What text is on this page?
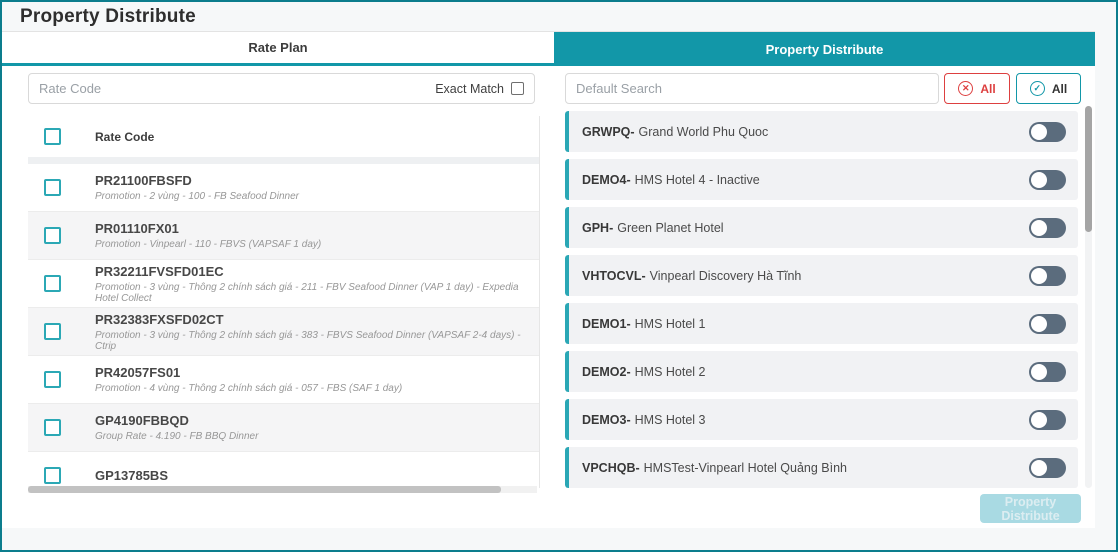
Property Distribute
Rate Plan	Property Distribute
Rate Code
Exact Match
Rate Code
PR21100FBSFD
Promotion - 2 vùng - 100 - FB Seafood Dinner
PR01110FX01
Promotion - Vinpearl - 110 - FBVS (VAPSAF 1 day)
PR32211FVSFD01EC
Promotion - 3 vùng - Thông 2 chính sách giá - 211 - FBV Seafood Dinner (VAP 1 day) - Expedia Hotel Collect
PR32383FXSFD02CT
Promotion - 3 vùng - Thông 2 chính sách giá - 383 - FBVS Seafood Dinner (VAPSAF 2-4 days) - Ctrip
PR42057FS01
Promotion - 4 vùng - Thông 2 chính sách giá - 057 - FBS (SAF 1 day)
GP4190FBBQD
Group Rate - 4.190 - FB BBQ Dinner
GP13785BS
Default Search
✕ All	✓ All
GRWPQ- Grand World Phu Quoc
DEMO4- HMS Hotel 4 - Inactive
GPH- Green Planet Hotel
VHTOCVL- Vinpearl Discovery Hà Tĩnh
DEMO1- HMS Hotel 1
DEMO2- HMS Hotel 2
DEMO3- HMS Hotel 3
VPCHQB- HMSTest-Vinpearl Hotel Quảng Bình
Property Distribute
